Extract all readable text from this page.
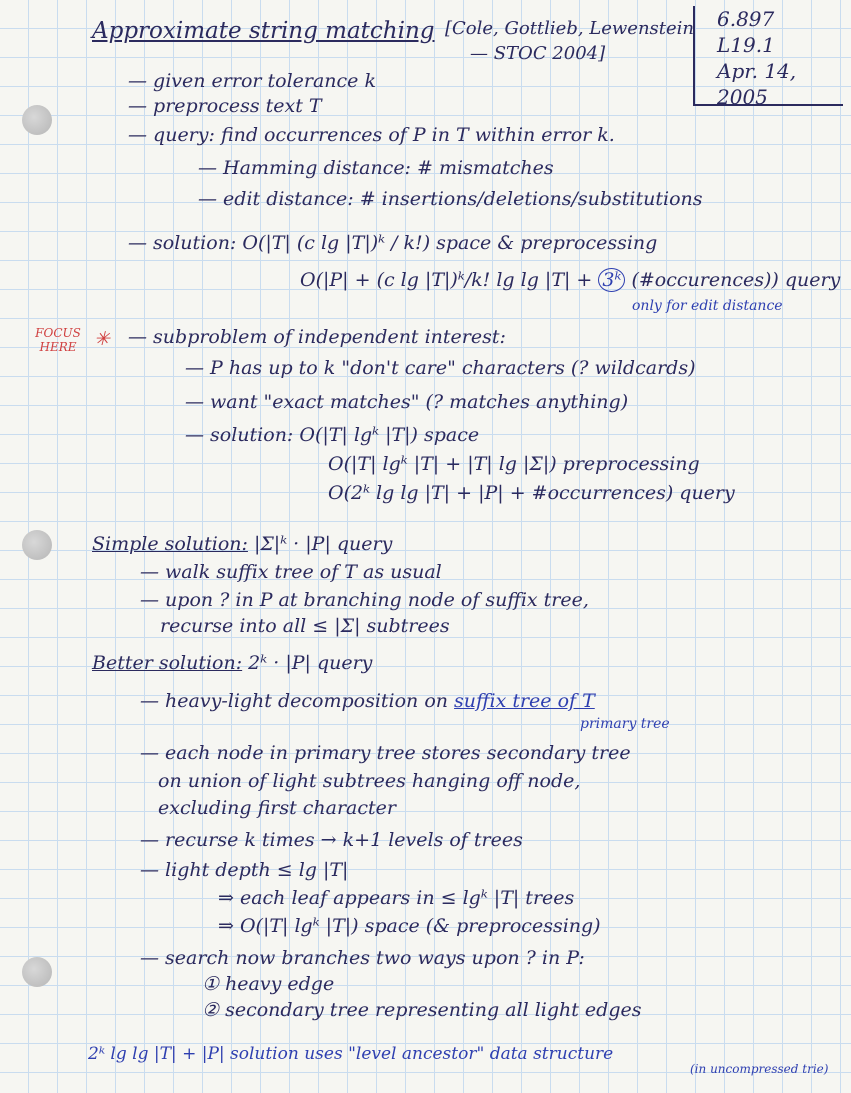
Approximate string matching [Cole, Gottlieb, Lewenstein
— STOC 2004]
6.897
L19.1
Apr. 14, 2005
— given error tolerance k
— preprocess text T
— query: find occurrences of P in T within error k.
— Hamming distance: # mismatches
— edit distance: # insertions/deletions/substitutions
— solution: O(|T| (c lg |T|)ᵏ / k!) space & preprocessing
O(|P| + (c lg |T|)ᵏ/k! lg lg |T| + 3ᵏ (#occurences)) query
only for edit distance
FOCUS HERE ✳ — subproblem of independent interest:
— P has up to k "don't care" characters (? wildcards)
— want "exact matches" (? matches anything)
— solution: O(|T| lgᵏ |T|) space
O(|T| lgᵏ |T| + |T| lg |Σ|) preprocessing
O(2ᵏ lg lg |T| + |P| + #occurrences) query
Simple solution: |Σ|ᵏ · |P| query
— walk suffix tree of T as usual
— upon ? in P at branching node of suffix tree,
recurse into all ≤ |Σ| subtrees
Better solution: 2ᵏ · |P| query
— heavy-light decomposition on suffix tree of T
primary tree
— each node in primary tree stores secondary tree
on union of light subtrees hanging off node,
excluding first character
— recurse k times → k+1 levels of trees
— light depth ≤ lg |T|
⇒ each leaf appears in ≤ lgᵏ |T| trees
⇒ O(|T| lgᵏ |T|) space (& preprocessing)
— search now branches two ways upon ? in P:
① heavy edge
② secondary tree representing all light edges
2ᵏ lg lg |T| + |P| solution uses "level ancestor" data structure
(in uncompressed trie)
